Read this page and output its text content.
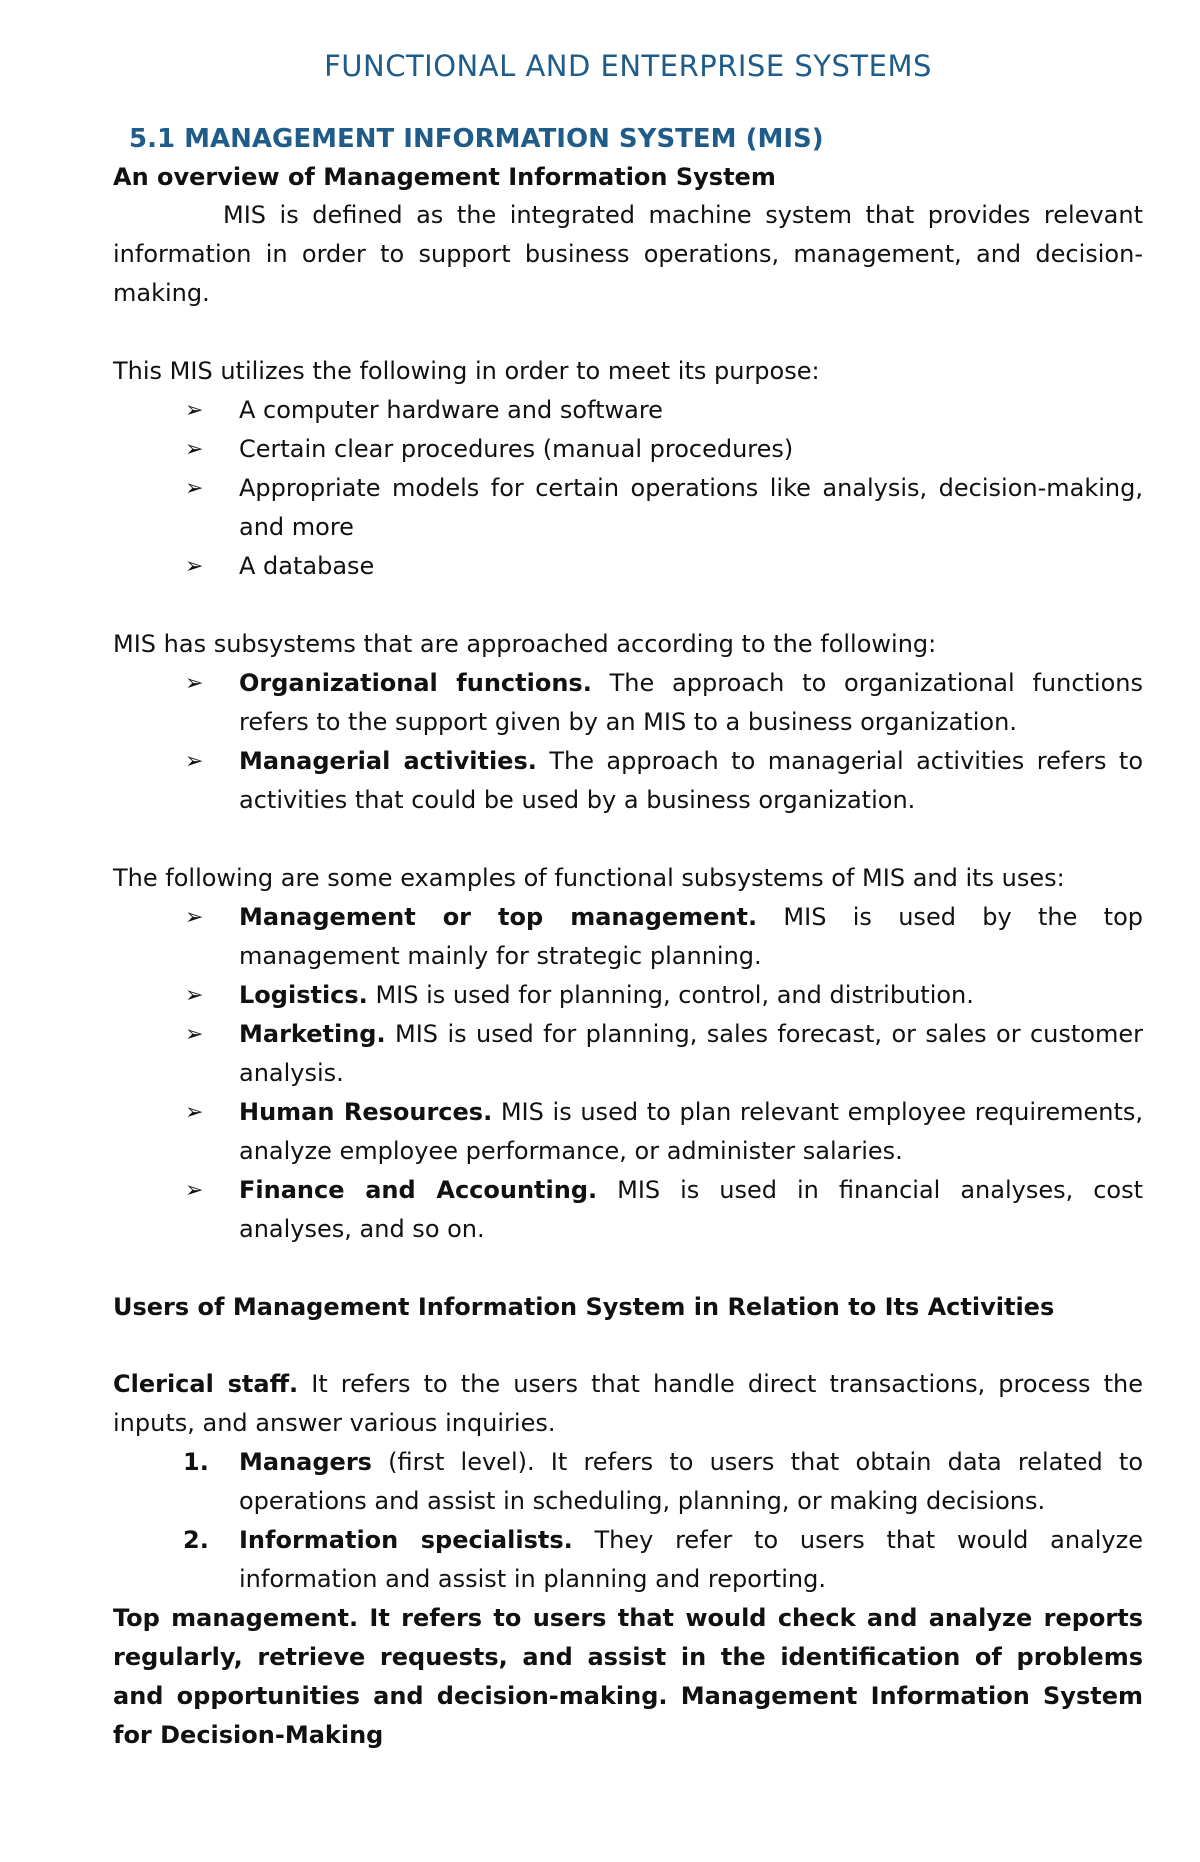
FUNCTIONAL AND ENTERPRISE SYSTEMS
5.1 MANAGEMENT INFORMATION SYSTEM (MIS)
An overview of Management Information System

MIS is defined as the integrated machine system that provides relevant information in order to support business operations, management, and decision-making.

This MIS utilizes the following in order to meet its purpose:

➢ A computer hardware and software
➢ Certain clear procedures (manual procedures)
➢ Appropriate models for certain operations like analysis, decision-making, and more
➢ A database

MIS has subsystems that are approached according to the following:

➢ Organizational functions. The approach to organizational functions refers to the support given by an MIS to a business organization.
➢ Managerial activities. The approach to managerial activities refers to activities that could be used by a business organization.

The following are some examples of functional subsystems of MIS and its uses:

➢ Management or top management. MIS is used by the top management mainly for strategic planning.
➢ Logistics. MIS is used for planning, control, and distribution.
➢ Marketing. MIS is used for planning, sales forecast, or sales or customer analysis.
➢ Human Resources. MIS is used to plan relevant employee requirements, analyze employee performance, or administer salaries.
➢ Finance and Accounting. MIS is used in financial analyses, cost analyses, and so on.
Users of Management Information System in Relation to Its Activities

Clerical staff. It refers to the users that handle direct transactions, process the inputs, and answer various inquiries.

1. Managers (first level). It refers to users that obtain data related to operations and assist in scheduling, planning, or making decisions.
2. Information specialists. They refer to users that would analyze information and assist in planning and reporting.

Top management. It refers to users that would check and analyze reports regularly, retrieve requests, and assist in the identification of problems and opportunities and decision-making. Management Information System for Decision-Making
